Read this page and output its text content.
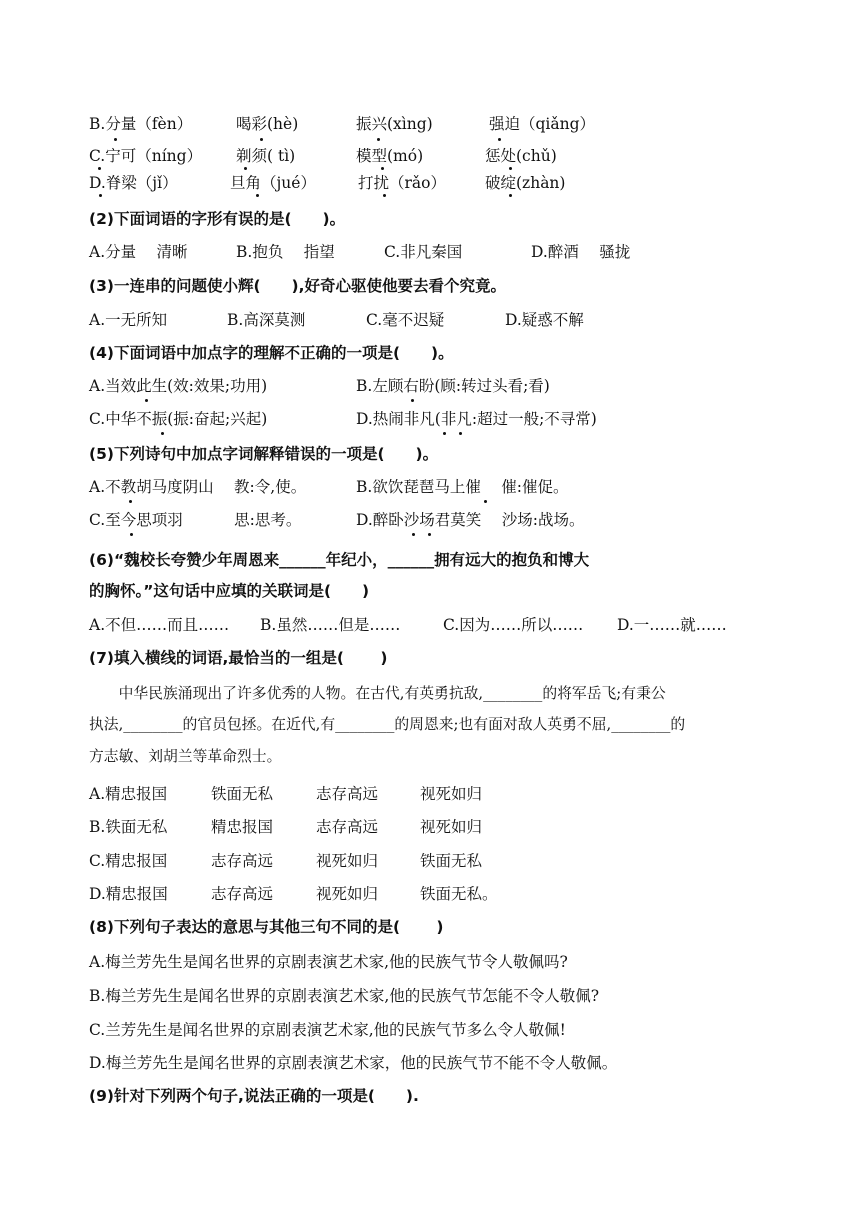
B.分量（fèn）	喝彩(hè)	振兴(xìng)	强迫（qiǎng）
C.宁可（níng） 剃须( tì)	模型(mó)	惩处(chǔ)
D.脊梁（jǐ）	旦角（jué）	打扰（rǎo）	破绽(zhàn)
(2)下面词语的字形有误的是(　　)。
A.分量　 清晰	B.抱负　 指望	C.非凡秦国	D.醉酒　 骚拢
(3)一连串的问题使小辉(　　),好奇心驱使他要去看个究竟。
A.一无所知	B.高深莫测	C.毫不迟疑	D.疑惑不解
(4)下面词语中加点字的理解不正确的一项是(　　)。
A.当效此生(效:效果;功用)	B.左顾右盼(顾:转过头看;看)
C.中华不振(振:奋起;兴起)	D.热闹非凡(非凡:超过一般;不寻常)
(5)下列诗句中加点字词解释错误的一项是(　　)。
A.不教胡马度阴山　 教:令,使。	B.欲饮琵琶马上催　 催:催促。
C.至今思项羽　　　 思:思考。	D.醉卧沙场君莫笑　 沙场:战场。
(6)“魏校长夸赞少年周恩来______年纪小，______拥有远大的抱负和博大
的胸怀。”这句话中应填的关联词是(　　)
A.不但……而且…… B.虽然……但是……	C.因为……所以…… D.一……就……
(7)填入横线的词语,最恰当的一组是(　　 )
　　中华民族涌现出了许多优秀的人物。在古代,有英勇抗敌,________的将军岳飞;有秉公
执法,________的官员包拯。在近代,有________的周恩来;也有面对敌人英勇不屈,________的
方志敏、刘胡兰等革命烈士。
A.精忠报国	铁面无私	志存高远	视死如归
B.铁面无私	精忠报国	志存高远	视死如归
C.精忠报国	志存高远	视死如归	铁面无私
D.精忠报国	志存高远	视死如归	铁面无私。
(8)下列句子表达的意思与其他三句不同的是(　　 )
A.梅兰芳先生是闻名世界的京剧表演艺术家,他的民族气节令人敬佩吗?
B.梅兰芳先生是闻名世界的京剧表演艺术家,他的民族气节怎能不令人敬佩?
C.兰芳先生是闻名世界的京剧表演艺术家,他的民族气节多么令人敬佩!
D.梅兰芳先生是闻名世界的京剧表演艺术家，他的民族气节不能不令人敬佩。
(9)针对下列两个句子,说法正确的一项是(　　).
